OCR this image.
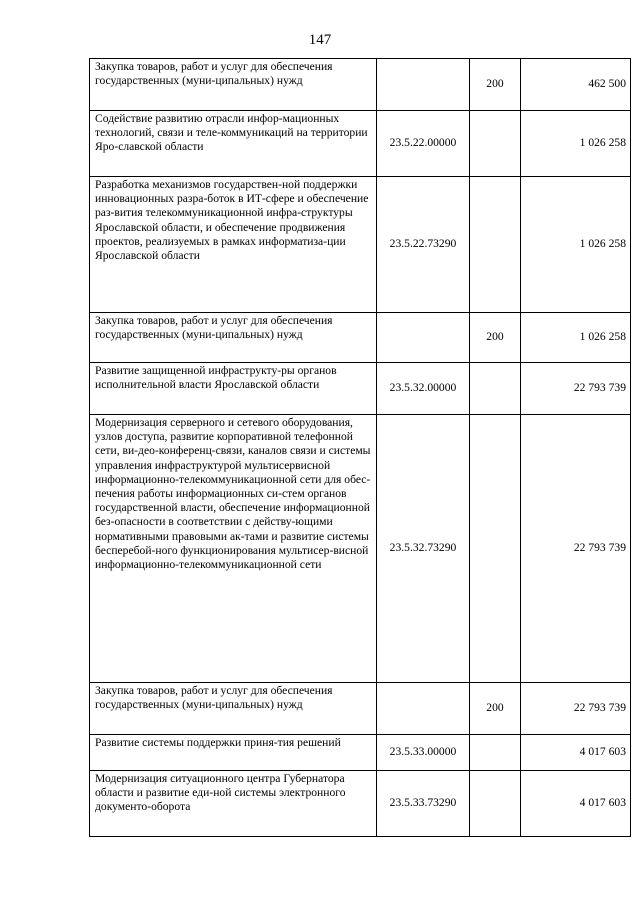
147
Закупка товаров, работ и услуг для обеспечения государственных (муни-ципальных) нужд		200	462 500
Содействие развитию отрасли инфор-мационных технологий, связи и теле-коммуникаций на территории Яро-славской области	23.5.22.00000		1 026 258
Разработка механизмов государствен-ной поддержки инновационных разра-боток в ИТ-сфере и обеспечение раз-вития телекоммуникационной инфра-структуры Ярославской области, и обеспечение продвижения проектов, реализуемых в рамках информатиза-ции Ярославской области	23.5.22.73290		1 026 258
Закупка товаров, работ и услуг для обеспечения государственных (муни-ципальных) нужд		200	1 026 258
Развитие защищенной инфраструкту-ры органов исполнительной власти Ярославской области	23.5.32.00000		22 793 739
Модернизация серверного и сетевого оборудования, узлов доступа, развитие корпоративной телефонной сети, ви-део-конференц-связи, каналов связи и системы управления инфраструктурой мультисервисной информационно-телекоммуникационной сети для обес-печения работы информационных си-стем органов государственной власти, обеспечение информационной без-опасности в соответствии с действу-ющими нормативными правовыми ак-тами и развитие системы бесперебой-ного функционирования мультисер-висной информационно-телекоммуникационной сети	23.5.32.73290		22 793 739
Закупка товаров, работ и услуг для обеспечения государственных (муни-ципальных) нужд		200	22 793 739
Развитие системы поддержки приня-тия решений	23.5.33.00000		4 017 603
Модернизация ситуационного центра Губернатора области и развитие еди-ной системы электронного документо-оборота	23.5.33.73290		4 017 603
